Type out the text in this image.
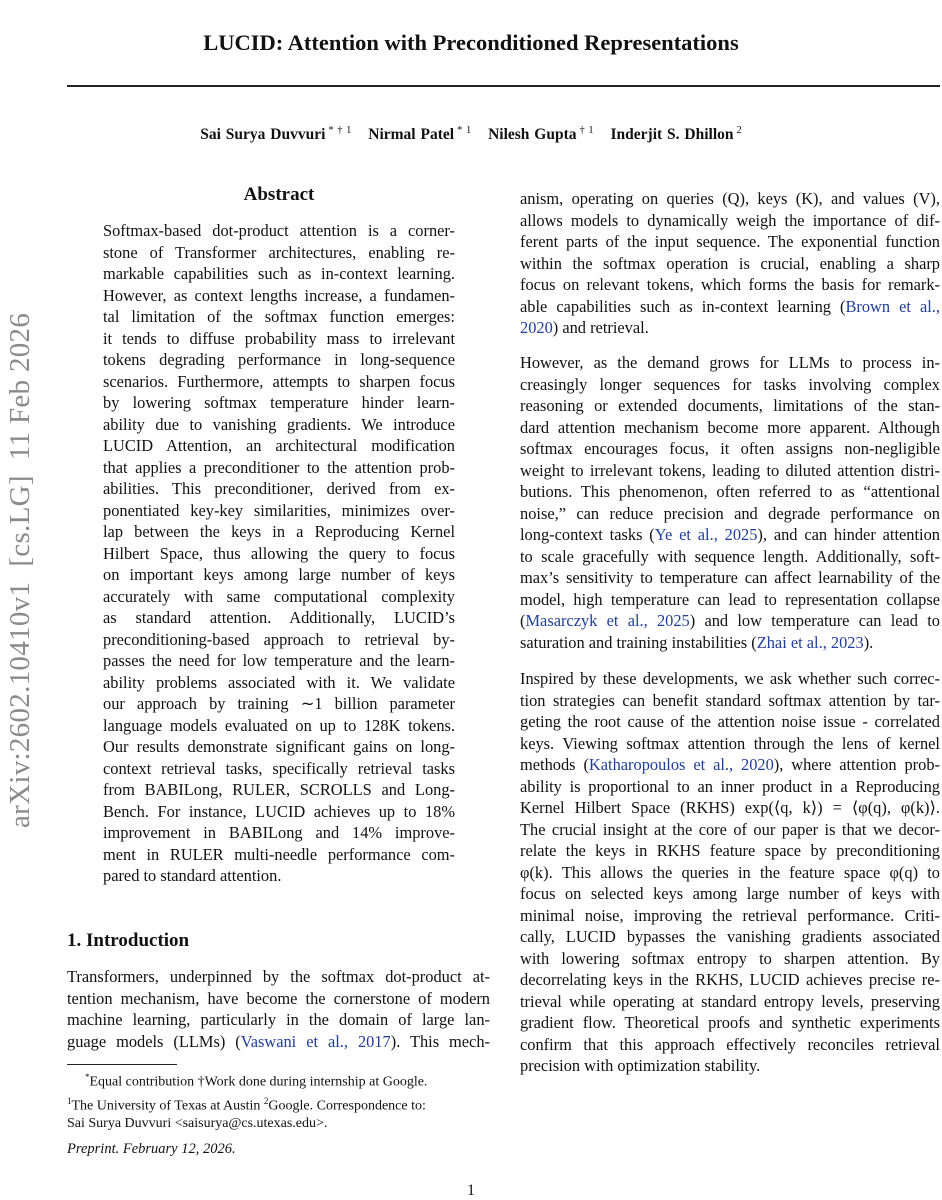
LUCID: Attention with Preconditioned Representations
Sai Surya Duvvuri $^{* \dagger 1}$ Nirmal Patel $^{* 1}$ Nilesh Gupta $^{\dagger 1}$ Inderjit S. Dhillon $^2$
arXiv:2602.10410v1  [cs.LG]  11 Feb 2026
Abstract
Softmax-based dot-product attention is a corner-
stone of Transformer architectures, enabling re-
markable capabilities such as in-context learning.
However, as context lengths increase, a fundamen-
tal limitation of the softmax function emerges:
it tends to diffuse probability mass to irrelevant
tokens degrading performance in long-sequence
scenarios. Furthermore, attempts to sharpen focus
by lowering softmax temperature hinder learn-
ability due to vanishing gradients. We introduce
LUCID Attention, an architectural modification
that applies a preconditioner to the attention prob-
abilities. This preconditioner, derived from ex-
ponentiated key-key similarities, minimizes over-
lap between the keys in a Reproducing Kernel
Hilbert Space, thus allowing the query to focus
on important keys among large number of keys
accurately with same computational complexity
as standard attention. Additionally, LUCID’s
preconditioning-based approach to retrieval by-
passes the need for low temperature and the learn-
ability problems associated with it. We validate
our approach by training ∼1 billion parameter
language models evaluated on up to 128K tokens.
Our results demonstrate significant gains on long-
context retrieval tasks, specifically retrieval tasks
from BABILong, RULER, SCROLLS and Long-
Bench. For instance, LUCID achieves up to 18%
improvement in BABILong and 14% improve-
ment in RULER multi-needle performance com-
pared to standard attention.
1. Introduction
Transformers, underpinned by the softmax dot-product at-
tention mechanism, have become the cornerstone of modern
machine learning, particularly in the domain of large lan-
guage models (LLMs) (Vaswani et al., 2017). This mech-
anism, operating on queries (Q), keys (K), and values (V),
allows models to dynamically weigh the importance of dif-
ferent parts of the input sequence. The exponential function
within the softmax operation is crucial, enabling a sharp
focus on relevant tokens, which forms the basis for remark-
able capabilities such as in-context learning (Brown et al.,
2020) and retrieval.
However, as the demand grows for LLMs to process in-
creasingly longer sequences for tasks involving complex
reasoning or extended documents, limitations of the stan-
dard attention mechanism become more apparent. Although
softmax encourages focus, it often assigns non-negligible
weight to irrelevant tokens, leading to diluted attention distri-
butions. This phenomenon, often referred to as “attentional
noise,” can reduce precision and degrade performance on
long-context tasks (Ye et al., 2025), and can hinder attention
to scale gracefully with sequence length. Additionally, soft-
max’s sensitivity to temperature can affect learnability of the
model, high temperature can lead to representation collapse
(Masarczyk et al., 2025) and low temperature can lead to
saturation and training instabilities (Zhai et al., 2023).
Inspired by these developments, we ask whether such correc-
tion strategies can benefit standard softmax attention by tar-
geting the root cause of the attention noise issue - correlated
keys. Viewing softmax attention through the lens of kernel
methods (Katharopoulos et al., 2020), where attention prob-
ability is proportional to an inner product in a Reproducing
Kernel Hilbert Space (RKHS) exp(⟨q, k⟩) = ⟨φ(q), φ(k)⟩.
The crucial insight at the core of our paper is that we decor-
relate the keys in RKHS feature space by preconditioning
φ(k). This allows the queries in the feature space φ(q) to
focus on selected keys among large number of keys with
minimal noise, improving the retrieval performance. Criti-
cally, LUCID bypasses the vanishing gradients associated
with lowering softmax entropy to sharpen attention. By
decorrelating keys in the RKHS, LUCID achieves precise re-
trieval while operating at standard entropy levels, preserving
gradient flow. Theoretical proofs and synthetic experiments
confirm that this approach effectively reconciles retrieval
precision with optimization stability.
*Equal contribution †Work done during internship at Google.
$^1$The University of Texas at Austin $^2$Google. Correspondence to:
Sai Surya Duvvuri <saisurya@cs.utexas.edu>.
Preprint. February 12, 2026.
1
